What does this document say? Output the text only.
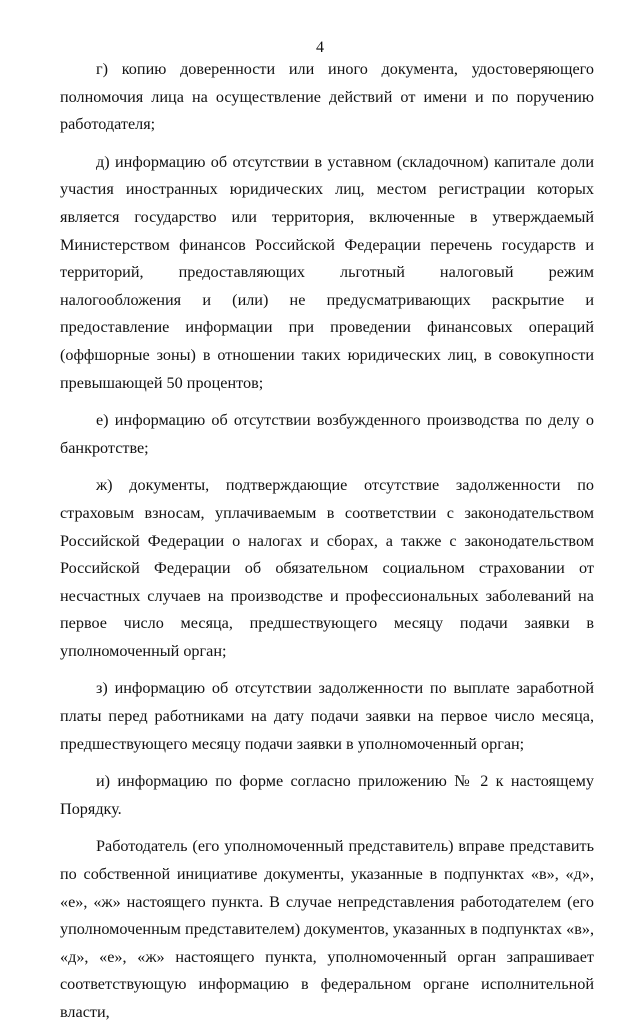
4

г) копию доверенности или иного документа, удостоверяющего полномочия лица на осуществление действий от имени и по поручению работодателя;

д) информацию об отсутствии в уставном (складочном) капитале доли участия иностранных юридических лиц, местом регистрации которых является государство или территория, включенные в утверждаемый Министерством финансов Российской Федерации перечень государств и территорий, предоставляющих льготный налоговый режим налогообложения и (или) не предусматривающих раскрытие и предоставление информации при проведении финансовых операций (оффшорные зоны) в отношении таких юридических лиц, в совокупности превышающей 50 процентов;

е) информацию об отсутствии возбужденного производства по делу о банкротстве;

ж) документы, подтверждающие отсутствие задолженности по страховым взносам, уплачиваемым в соответствии с законодательством Российской Федерации о налогах и сборах, а также с законодательством Российской Федерации об обязательном социальном страховании от несчастных случаев на производстве и профессиональных заболеваний на первое число месяца, предшествующего месяцу подачи заявки в уполномоченный орган;

з) информацию об отсутствии задолженности по выплате заработной платы перед работниками на дату подачи заявки на первое число месяца, предшествующего месяцу подачи заявки в уполномоченный орган;

и) информацию по форме согласно приложению № 2 к настоящему Порядку.

Работодатель (его уполномоченный представитель) вправе представить по собственной инициативе документы, указанные в подпунктах «в», «д», «е», «ж» настоящего пункта. В случае непредставления работодателем (его уполномоченным представителем) документов, указанных в подпунктах «в», «д», «е», «ж» настоящего пункта, уполномоченный орган запрашивает соответствующую информацию в федеральном органе исполнительной власти,
